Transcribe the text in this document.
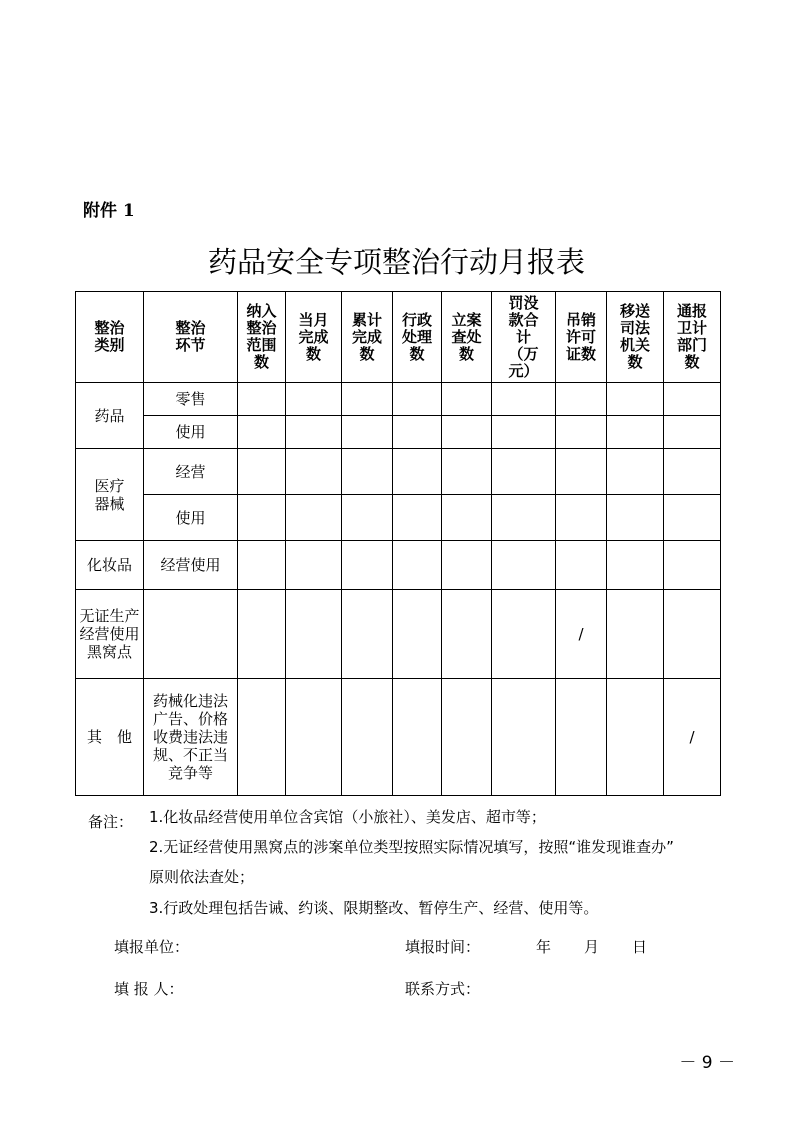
附件 1
药品安全专项整治行动月报表
整治类别	整治环节	纳入整治范围数	当月完成数	累计完成数	行政处理数	立案查处数	罚没款合计（万元）	吊销许可证数	移送司法机关数	通报卫计部门数
药品	零售									
	使用									
医疗器械	经营									
	使用									
化妆品	经营使用									
无证生产经营使用黑窝点								/		
其　他	药械化违法广告、价格收费违法违规、不正当竞争等									/
备注： 1.化妆品经营使用单位含宾馆（小旅社）、美发店、超市等；
2.无证经营使用黑窝点的涉案单位类型按照实际情况填写，按照“谁发现谁查办”
原则依法查处；
3.行政处理包括告诫、约谈、限期整改、暂停生产、经营、使用等。
填报单位：	填报时间：	年 月 日
填 报 人：	联系方式：
－ 9 －
